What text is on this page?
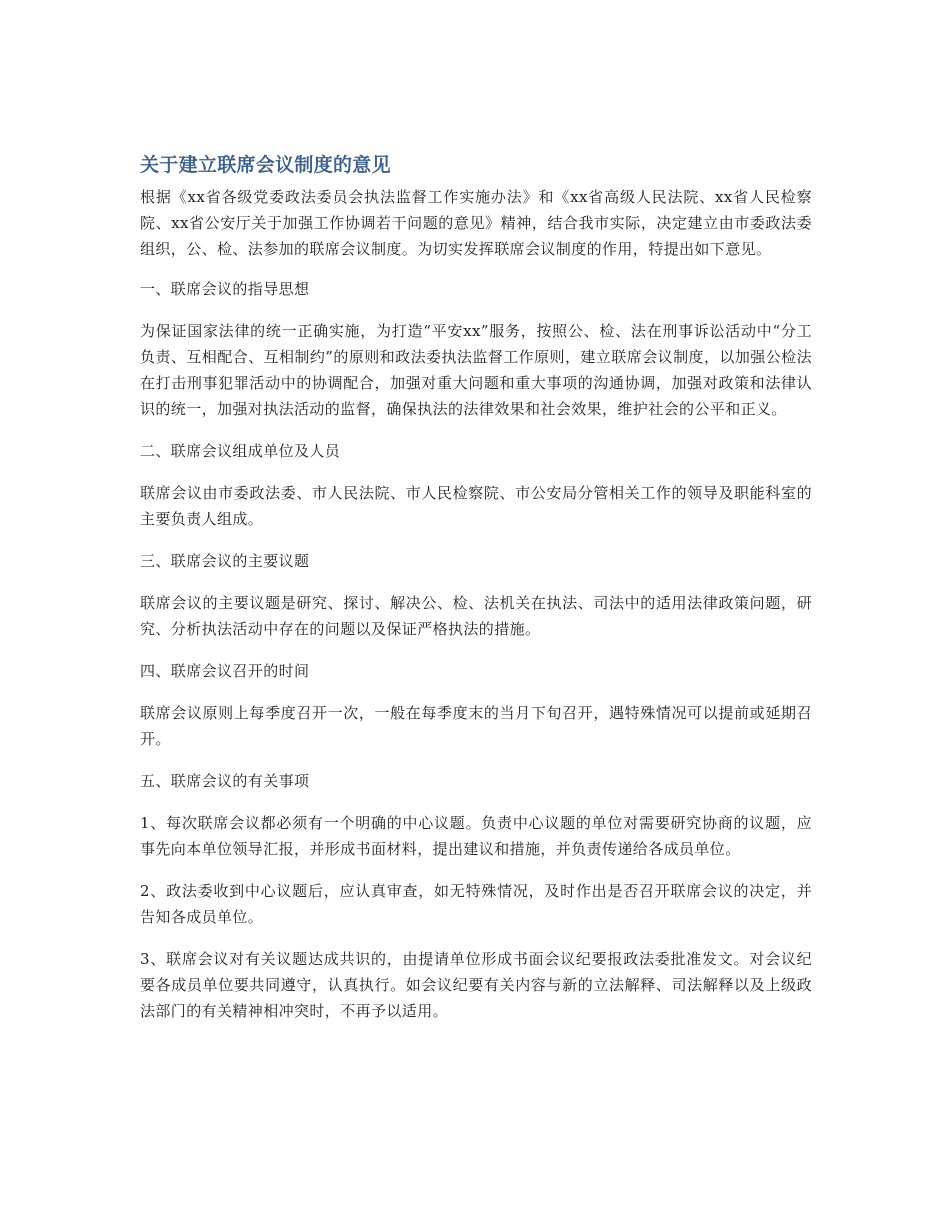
关于建立联席会议制度的意见

根据《xx省各级党委政法委员会执法监督工作实施办法》和《xx省高级人民法院、xx省人民检察院、xx省公安厅关于加强工作协调若干问题的意见》精神，结合我市实际，决定建立由市委政法委组织，公、检、法参加的联席会议制度。为切实发挥联席会议制度的作用，特提出如下意见。

一、联席会议的指导思想

为保证国家法律的统一正确实施，为打造“平安xx”服务，按照公、检、法在刑事诉讼活动中“分工负责、互相配合、互相制约”的原则和政法委执法监督工作原则，建立联席会议制度，以加强公检法在打击刑事犯罪活动中的协调配合，加强对重大问题和重大事项的沟通协调，加强对政策和法律认识的统一，加强对执法活动的监督，确保执法的法律效果和社会效果，维护社会的公平和正义。

二、联席会议组成单位及人员

联席会议由市委政法委、市人民法院、市人民检察院、市公安局分管相关工作的领导及职能科室的主要负责人组成。

三、联席会议的主要议题

联席会议的主要议题是研究、探讨、解决公、检、法机关在执法、司法中的适用法律政策问题，研究、分析执法活动中存在的问题以及保证严格执法的措施。

四、联席会议召开的时间

联席会议原则上每季度召开一次，一般在每季度末的当月下旬召开，遇特殊情况可以提前或延期召开。

五、联席会议的有关事项

1、每次联席会议都必须有一个明确的中心议题。负责中心议题的单位对需要研究协商的议题，应事先向本单位领导汇报，并形成书面材料，提出建议和措施，并负责传递给各成员单位。

2、政法委收到中心议题后，应认真审查，如无特殊情况，及时作出是否召开联席会议的决定，并告知各成员单位。

3、联席会议对有关议题达成共识的，由提请单位形成书面会议纪要报政法委批准发文。对会议纪要各成员单位要共同遵守，认真执行。如会议纪要有关内容与新的立法解释、司法解释以及上级政法部门的有关精神相冲突时，不再予以适用。
